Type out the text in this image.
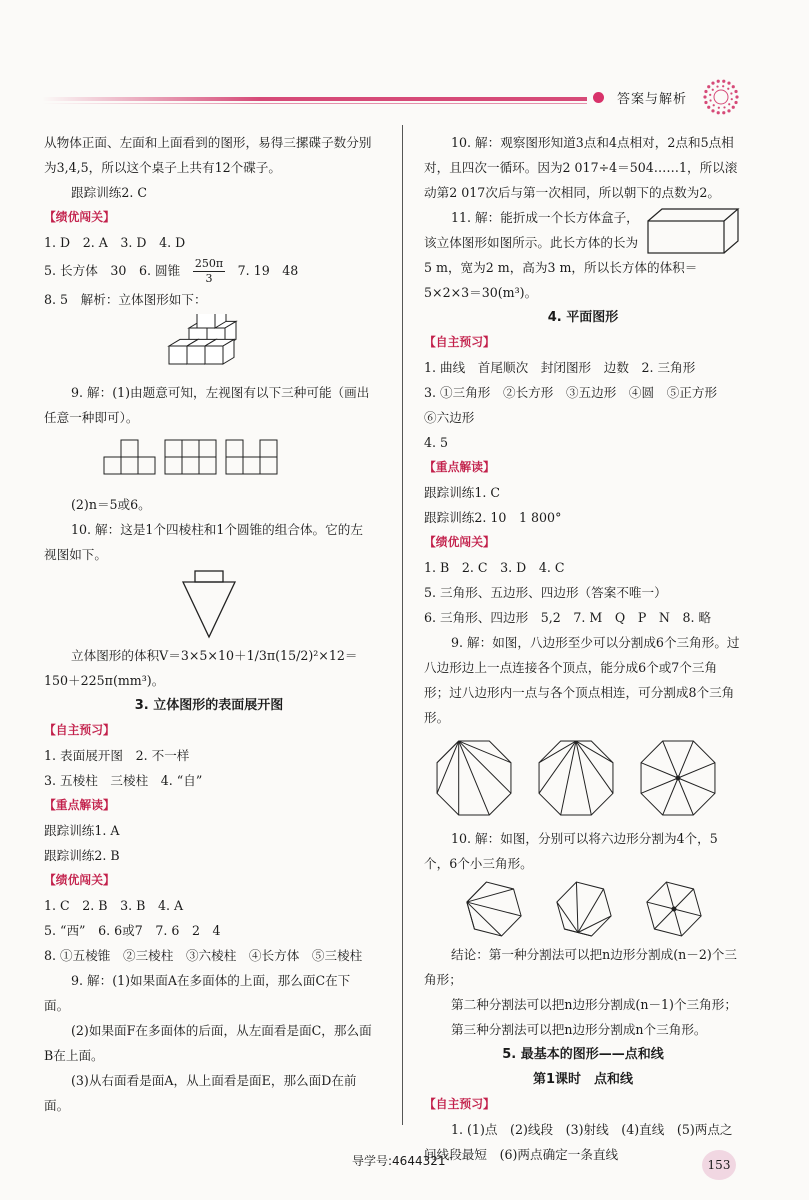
答案与解析

从物体正面、左面和上面看到的图形，易得三摞碟子数分别为3,4,5，所以这个桌子上共有12个碟子。

跟踪训练2. C

【绩优闯关】

1. D　2. A　3. D　4. D

5. 长方体　30　6. 圆锥　 $\frac{250\pi}{3}$ 　7. 19　48

8. 5　解析：立体图形如下：

9. 解：(1)由题意可知，左视图有以下三种可能（画出任意一种即可）。

(2)n＝5或6。

10. 解：这是1个四棱柱和1个圆锥的组合体。它的左视图如下。

立体图形的体积V＝3×5×10＋1/3π(15/2)²×12＝150＋225π(mm³)。

3. 立体图形的表面展开图

【自主预习】

1. 表面展开图　2. 不一样

3. 五棱柱　三棱柱　4. “自”

【重点解读】

跟踪训练1. A

跟踪训练2. B

【绩优闯关】

1. C　2. B　3. B　4. A

5. “西”　6. 6或7　7. 6　2　4

8. ①五棱锥　②三棱柱　③六棱柱　④长方体　⑤三棱柱

9. 解：(1)如果面A在多面体的上面，那么面C在下面。

(2)如果面F在多面体的后面，从左面看是面C，那么面B在上面。

(3)从右面看是面A，从上面看是面E，那么面D在前面。

10. 解：观察图形知道3点和4点相对，2点和5点相对，且四次一循环。因为2 017÷4＝504……1，所以滚动第2 017次后与第一次相同，所以朝下的点数为2。

11. 解：能折成一个长方体盒子，该立体图形如图所示。此长方体的长为5 m，宽为2 m，高为3 m，所以长方体的体积＝5×2×3＝30(m³)。

4. 平面图形

【自主预习】

1. 曲线　首尾顺次　封闭图形　边数　2. 三角形

3. ①三角形　②长方形　③五边形　④圆　⑤正方形　⑥六边形

4. 5

【重点解读】

跟踪训练1. C

跟踪训练2. 10　1 800°

【绩优闯关】

1. B　2. C　3. D　4. C

5. 三角形、五边形、四边形（答案不唯一）

6. 三角形、四边形　5,2　7. M　Q　P　N　8. 略

9. 解：如图，八边形至少可以分割成6个三角形。过八边形边上一点连接各个顶点，能分成6个或7个三角形；过八边形内一点与各个顶点相连，可分割成8个三角形。

10. 解：如图，分别可以将六边形分割为4个，5个，6个小三角形。

结论：第一种分割法可以把n边形分割成(n－2)个三角形；

第二种分割法可以把n边形分割成(n－1)个三角形；

第三种分割法可以把n边形分割成n个三角形。

5. 最基本的图形——点和线

第1课时　点和线

【自主预习】

1. (1)点　(2)线段　(3)射线　(4)直线　(5)两点之间线段最短　(6)两点确定一条直线

导学号:4644321	153
